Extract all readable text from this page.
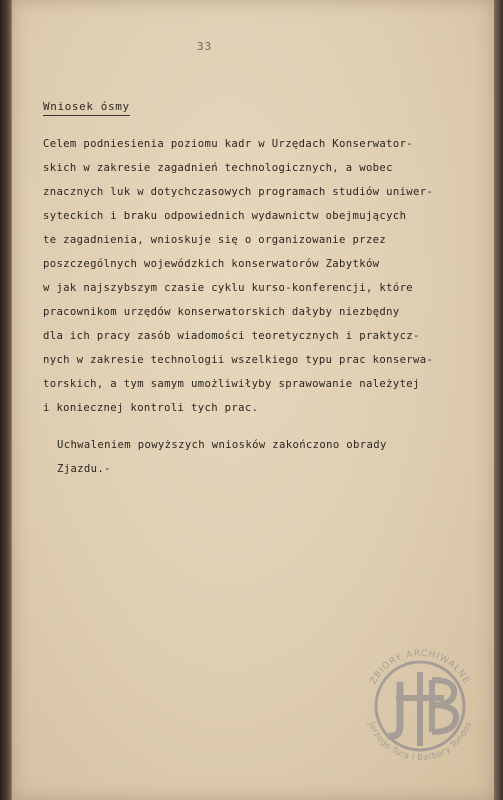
33
Wniosek ósmy
Celem podniesienia poziomu kadr w Urzędach Konserwator-
skich w zakresie zagadnień technologicznych, a wobec
znacznych luk w dotychczasowych programach studiów uniwer-
syteckich i braku odpowiednich wydawnictw obejmujących
te zagadnienia, wnioskuje się o organizowanie przez
poszczególnych wojewódzkich konserwatorów Zabytków
w jak najszybszym czasie cyklu kurso-konferencji, które
pracownikom urzędów konserwatorskich dałyby niezbędny
dla ich pracy zasób wiadomości teoretycznych i praktycz-
nych w zakresie technologii wszelkiego typu prac konserwa-
torskich, a tym samym umożliwiłyby sprawowanie należytej
i koniecznej kontroli tych prac.
Uchwaleniem powyższych wniosków zakończono obrady
Zjazdu.-
ZBIORY ARCHIWALNE
Jerzego Tura i Barbary Tondos
